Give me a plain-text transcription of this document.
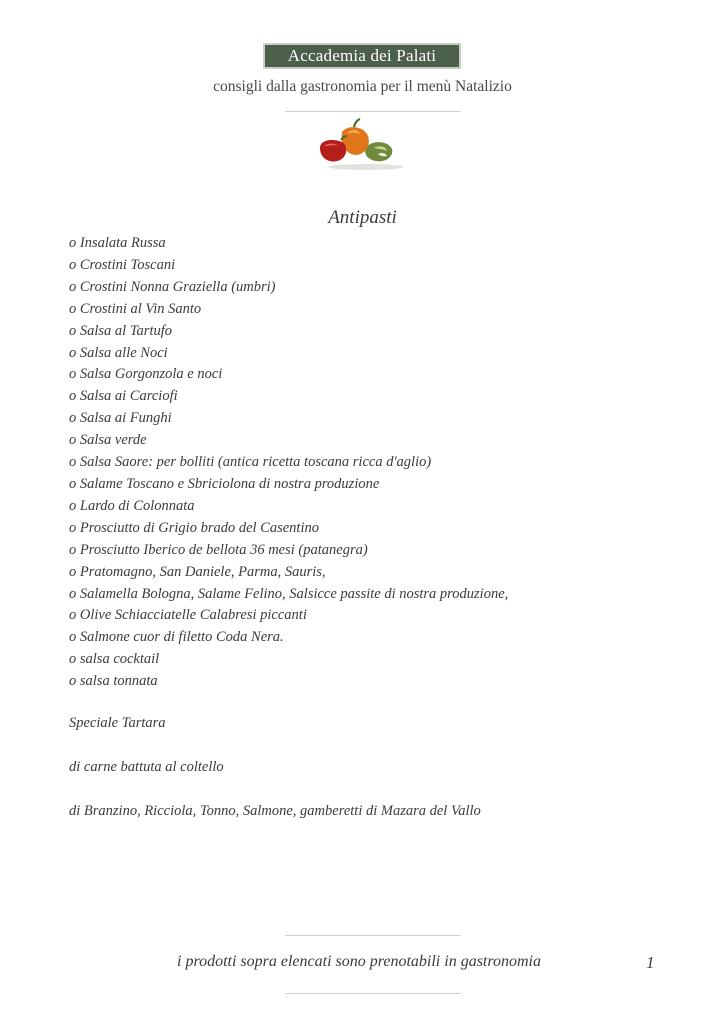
Accademia dei Palati
consigli dalla gastronomia per il menù Natalizio
Antipasti
o Insalata Russa
o Crostini Toscani
o Crostini Nonna Graziella (umbri)
o Crostini al Vin Santo
o Salsa al Tartufo
o Salsa alle Noci
o Salsa Gorgonzola e noci
o Salsa ai Carciofi
o Salsa ai Funghi
o Salsa verde
o Salsa Saore: per bolliti (antica ricetta toscana ricca d'aglio)
o Salame Toscano e Sbriciolona di nostra produzione
o Lardo di Colonnata
o Prosciutto di Grigio brado del Casentino
o Prosciutto Iberico de bellota 36 mesi (patanegra)
o Pratomagno, San Daniele, Parma, Sauris,
o Salamella Bologna, Salame Felino, Salsicce passite di nostra produzione,
o Olive Schiacciatelle Calabresi piccanti
o Salmone cuor di filetto Coda Nera.
o salsa cocktail
o salsa tonnata
Speciale Tartara
di carne battuta al coltello
di Branzino, Ricciola, Tonno, Salmone, gamberetti di Mazara del Vallo
i prodotti sopra elencati sono prenotabili in gastronomia	1
